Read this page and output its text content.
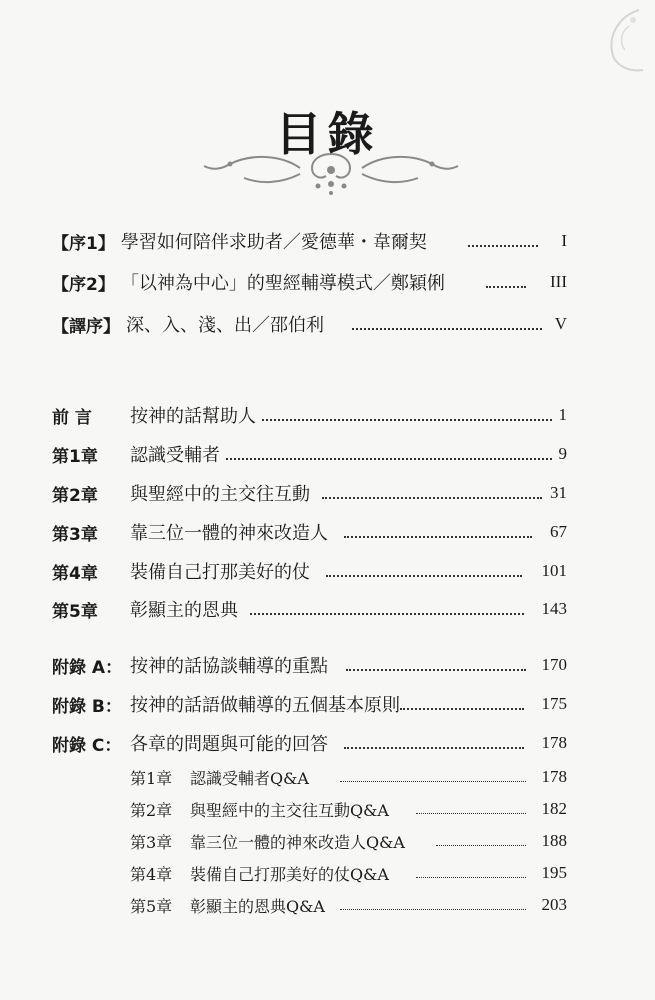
目錄
【序1】 學習如何陪伴求助者／愛德華・韋爾契	I
【序2】 「以神為中心」的聖經輔導模式／鄭穎俐	III
【譯序】 深、入、淺、出／邵伯利	V
前 言	按神的話幫助人	1
第1章	認識受輔者	9
第2章	與聖經中的主交往互動	31
第3章	靠三位一體的神來改造人	67
第4章	裝備自己打那美好的仗	101
第5章	彰顯主的恩典	143
附錄 A： 按神的話協談輔導的重點	170
附錄 B： 按神的話語做輔導的五個基本原則	175
附錄 C： 各章的問題與可能的回答	178
第1章 認識受輔者Q&A	178
第2章 與聖經中的主交往互動Q&A	182
第3章 靠三位一體的神來改造人Q&A	188
第4章 裝備自己打那美好的仗Q&A	195
第5章 彰顯主的恩典Q&A	203
